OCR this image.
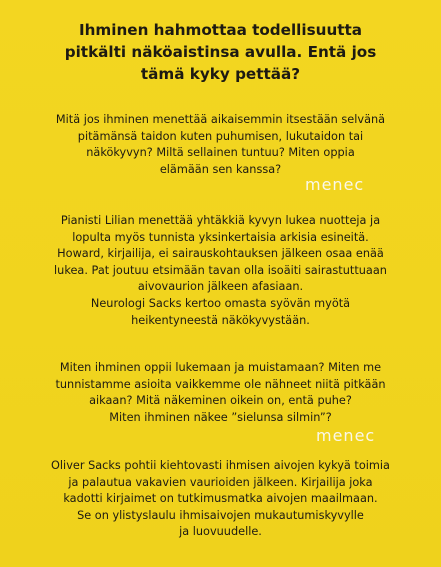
Ihminen hahmottaa todellisuutta
pitkälti näköaistinsa avulla. Entä jos
tämä kyky pettää?

Mitä jos ihminen menettää aikaisemmin itsestään selvänä
pitämänsä taidon kuten puhumisen, lukutaidon tai
näkökyvyn? Miltä sellainen tuntuu? Miten oppia
elämään sen kanssa?

Pianisti Lilian menettää yhtäkkiä kyvyn lukea nuotteja ja
lopulta myös tunnista yksinkertaisia arkisia esineitä.
Howard, kirjailija, ei sairauskohtauksen jälkeen osaa enää
lukea. Pat joutuu etsimään tavan olla isoäiti sairastuttuaan
aivovaurion jälkeen afasiaan.
Neurologi Sacks kertoo omasta syövän myötä
heikentyneestä näkökyvystään.

Miten ihminen oppii lukemaan ja muistamaan? Miten me
tunnistamme asioita vaikkemme ole nähneet niitä pitkään
aikaan? Mitä näkeminen oikein on, entä puhe?
Miten ihminen näkee ”sielunsa silmin”?

Oliver Sacks pohtii kiehtovasti ihmisen aivojen kykyä toimia
ja palautua vakavien vaurioiden jälkeen. Kirjailija joka
kadotti kirjaimet on tutkimusmatka aivojen maailmaan.
Se on ylistyslaulu ihmisaivojen mukautumiskyvylle
ja luovuudelle.

menec
menec
